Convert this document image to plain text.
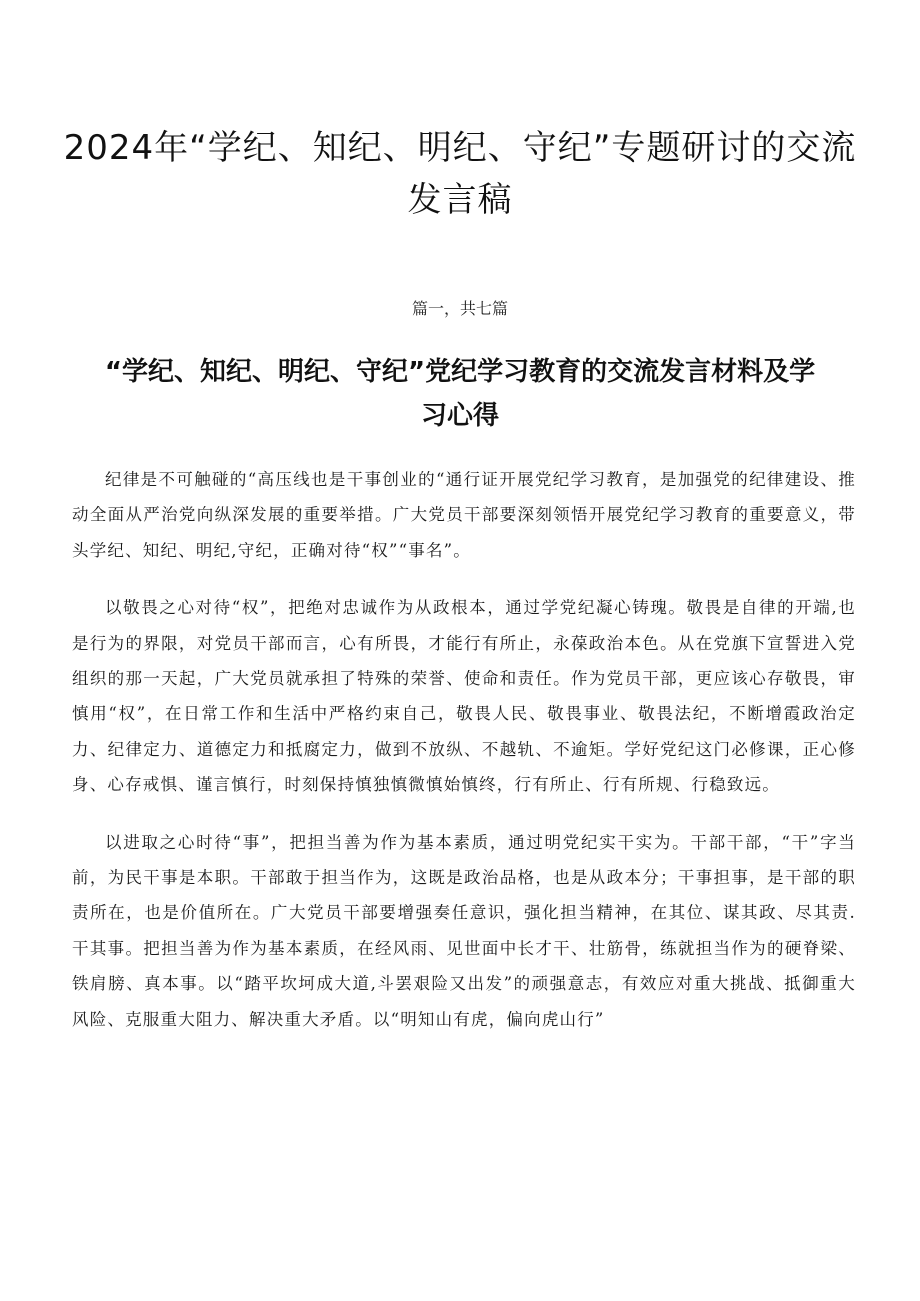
2024年“学纪、知纪、明纪、守纪”专题研讨的交流发言稿
篇一，共七篇
“学纪、知纪、明纪、守纪”党纪学习教育的交流发言材料及学习心得

纪律是不可触碰的“高压线也是干事创业的“通行证开展党纪学习教育，是加强党的纪律建设、推动全面从严治党向纵深发展的重要举措。广大党员干部要深刻领悟开展党纪学习教育的重要意义，带头学纪、知纪、明纪,守纪，正确对待“权”“事名”。

以敬畏之心对待“权”，把绝对忠诚作为从政根本，通过学党纪凝心铸瑰。敬畏是自律的开端,也是行为的界限，对党员干部而言，心有所畏，才能行有所止，永葆政治本色。从在党旗下宣誓进入党组织的那一天起，广大党员就承担了特殊的荣誉、使命和责任。作为党员干部，更应该心存敬畏，审慎用“权”，在日常工作和生活中严格约束自己，敬畏人民、敬畏事业、敬畏法纪，不断增霞政治定力、纪律定力、道德定力和抵腐定力，做到不放纵、不越轨、不逾矩。学好党纪这门必修课，正心修身、心存戒惧、谨言慎行，时刻保持慎独慎微慎始慎终，行有所止、行有所规、行稳致远。

以进取之心时待“事”，把担当善为作为基本素质，通过明党纪实干实为。干部干部，“干”字当前，为民干事是本职。干部敢于担当作为，这既是政治品格，也是从政本分；干事担事，是干部的职责所在，也是价值所在。广大党员干部要增强奏任意识，强化担当精神，在其位、谋其政、尽其责.干其事。把担当善为作为基本素质，在经风雨、见世面中长才干、壮筋骨，练就担当作为的硬脊梁、铁肩膀、真本事。以“踏平坎坷成大道,斗罢艰险又出发”的顽强意志，有效应对重大挑战、抵御重大风险、克服重大阻力、解决重大矛盾。以“明知山有虎，偏向虎山行”
